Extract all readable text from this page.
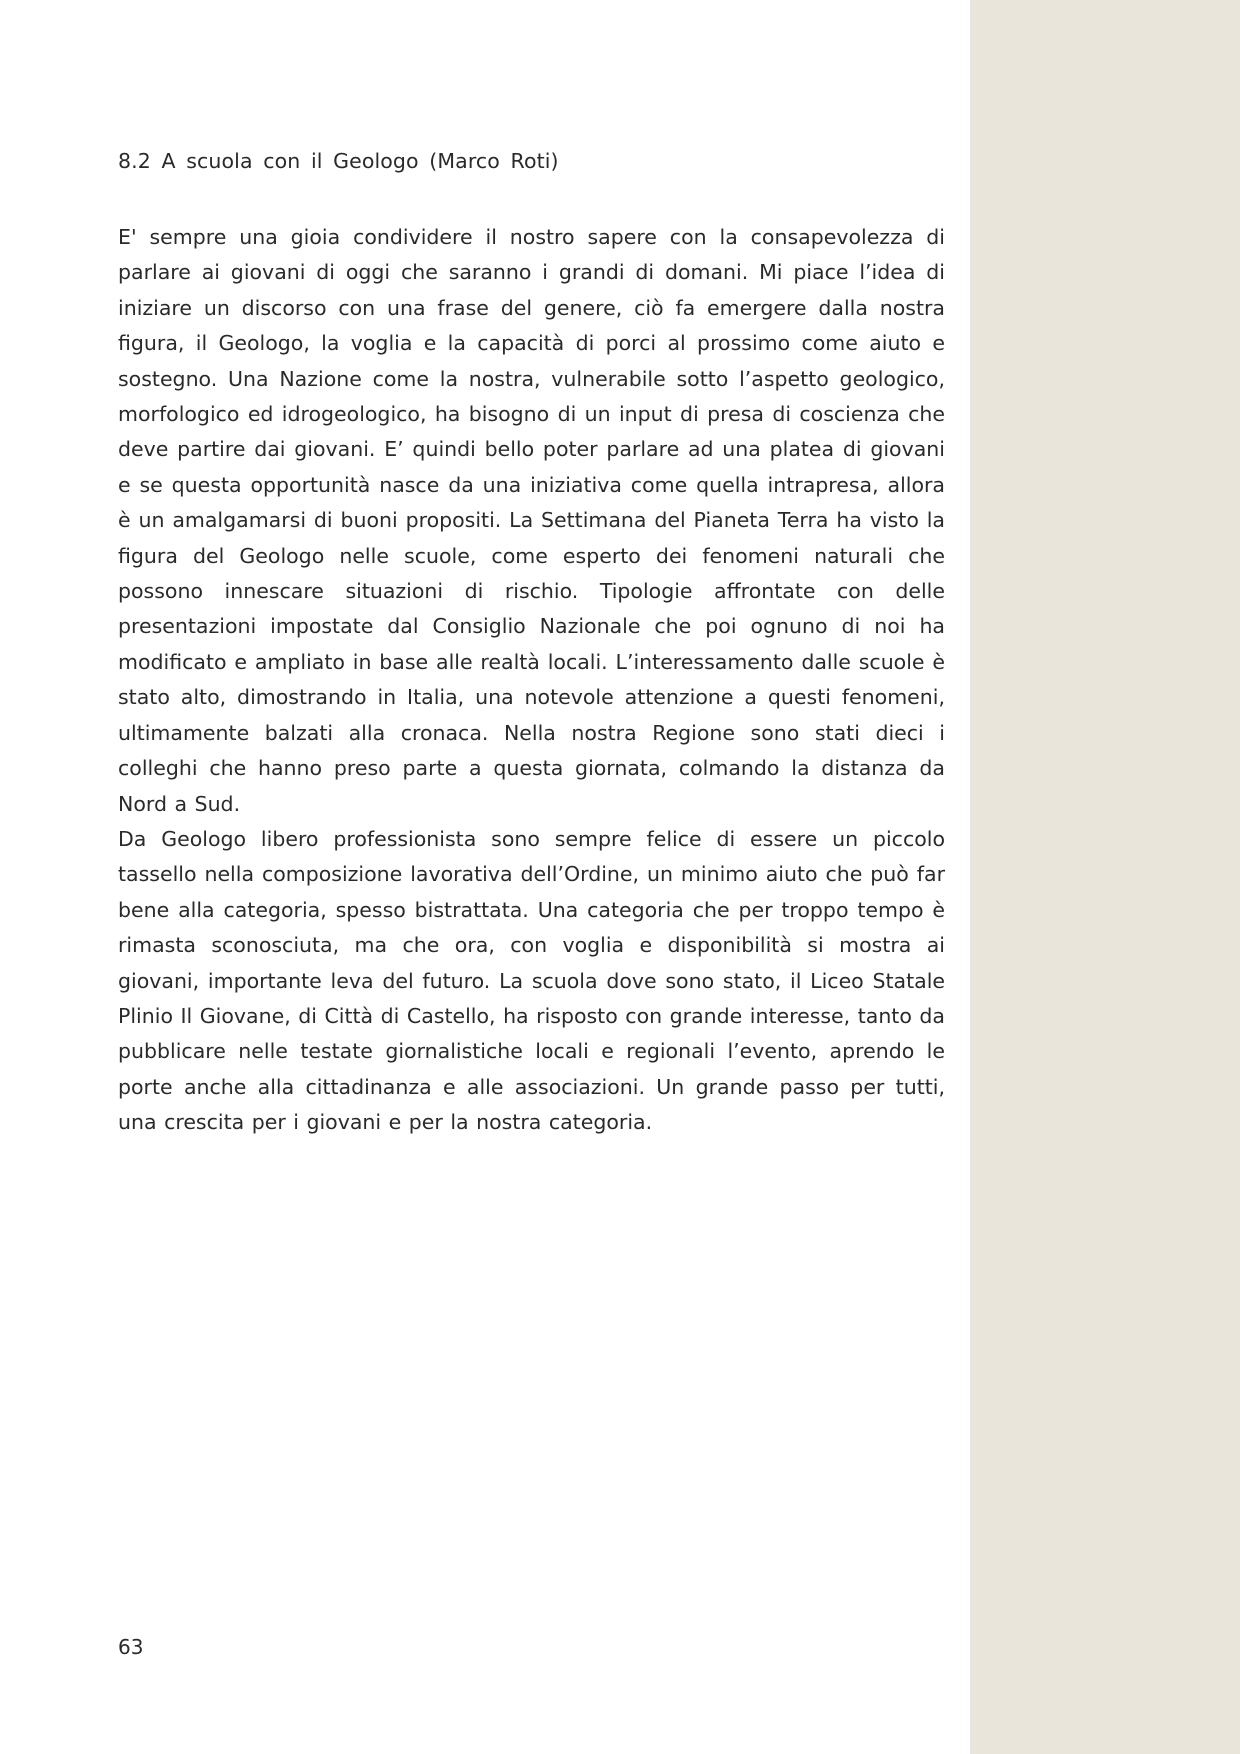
8.2 A scuola con il Geologo (Marco Roti)

E' sempre una gioia condividere il nostro sapere con la consapevolezza di parlare ai giovani di oggi che saranno i grandi di domani. Mi piace l’idea di iniziare un discorso con una frase del genere, ciò fa emergere dalla nostra figura, il Geologo, la voglia e la capacità di porci al prossimo come aiuto e sostegno. Una Nazione come la nostra, vulnerabile sotto l’aspetto geologico, morfologico ed idrogeologico, ha bisogno di un input di presa di coscienza che deve partire dai giovani. E’ quindi bello poter parlare ad una platea di giovani e se questa opportunità nasce da una iniziativa come quella intrapresa, allora è un amalgamarsi di buoni propositi. La Settimana del Pianeta Terra ha visto la figura del Geologo nelle scuole, come esperto dei fenomeni naturali che possono innescare situazioni di rischio. Tipologie affrontate con delle presentazioni impostate dal Consiglio Nazionale che poi ognuno di noi ha modificato e ampliato in base alle realtà locali. L’interessamento dalle scuole è stato alto, dimostrando in Italia, una notevole attenzione a questi fenomeni, ultimamente balzati alla cronaca. Nella nostra Regione sono stati dieci i colleghi che hanno preso parte a questa giornata, colmando la distanza da Nord a Sud.

Da Geologo libero professionista sono sempre felice di essere un piccolo tassello nella composizione lavorativa dell’Ordine, un minimo aiuto che può far bene alla categoria, spesso bistrattata. Una categoria che per troppo tempo è rimasta sconosciuta, ma che ora, con voglia e disponibilità si mostra ai giovani, importante leva del futuro. La scuola dove sono stato, il Liceo Statale Plinio Il Giovane, di Città di Castello, ha risposto con grande interesse, tanto da pubblicare nelle testate giornalistiche locali e regionali l’evento, aprendo le porte anche alla cittadinanza e alle associazioni. Un grande passo per tutti, una crescita per i giovani e per la nostra categoria.

63
